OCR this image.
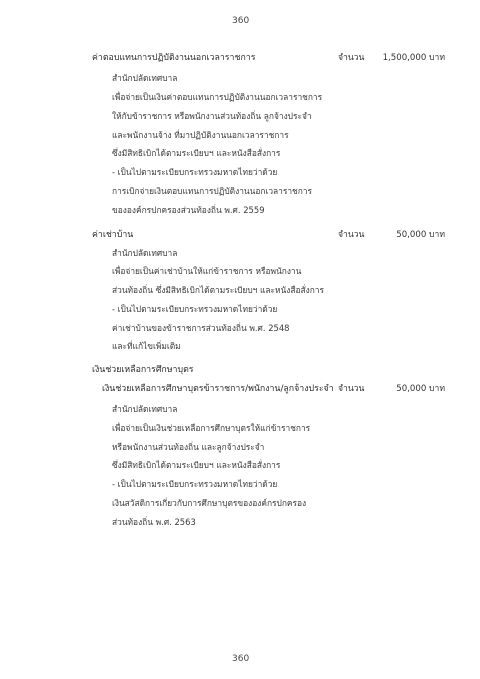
360
360
ค่าตอบแทนการปฏิบัติงานนอกเวลาราชการ	จำนวน 1,500,000 บาท
สำนักปลัดเทศบาล
เพื่อจ่ายเป็นเงินค่าตอบแทนการปฏิบัติงานนอกเวลาราชการ
ให้กับข้าราชการ หรือพนักงานส่วนท้องถิ่น ลูกจ้างประจำ
และพนักงานจ้าง ที่มาปฏิบัติงานนอกเวลาราชการ
ซึ่งมีสิทธิเบิกได้ตามระเบียบฯ และหนังสือสั่งการ
- เป็นไปตามระเบียบกระทรวงมหาดไทยว่าด้วย
การเบิกจ่ายเงินตอบแทนการปฏิบัติงานนอกเวลาราชการ
ขององค์กรปกครองส่วนท้องถิ่น พ.ศ. 2559
ค่าเช่าบ้าน	จำนวน	50,000 บาท
สำนักปลัดเทศบาล
เพื่อจ่ายเป็นค่าเช่าบ้านให้แก่ข้าราชการ หรือพนักงาน
ส่วนท้องถิ่น ซึ่งมีสิทธิเบิกได้ตามระเบียบฯ และหนังสือสั่งการ
- เป็นไปตามระเบียบกระทรวงมหาดไทยว่าด้วย
ค่าเช่าบ้านของข้าราชการส่วนท้องถิ่น พ.ศ. 2548
และที่แก้ไขเพิ่มเติม
เงินช่วยเหลือการศึกษาบุตร
เงินช่วยเหลือการศึกษาบุตรข้าราชการ/พนักงาน/ลูกจ้างประจำ จำนวน	50,000 บาท
สำนักปลัดเทศบาล
เพื่อจ่ายเป็นเงินช่วยเหลือการศึกษาบุตรให้แก่ข้าราชการ
หรือพนักงานส่วนท้องถิ่น และลูกจ้างประจำ
ซึ่งมีสิทธิเบิกได้ตามระเบียบฯ และหนังสือสั่งการ
- เป็นไปตามระเบียบกระทรวงมหาดไทยว่าด้วย
เงินสวัสดิการเกี่ยวกับการศึกษาบุตรขององค์กรปกครอง
ส่วนท้องถิ่น พ.ศ. 2563
